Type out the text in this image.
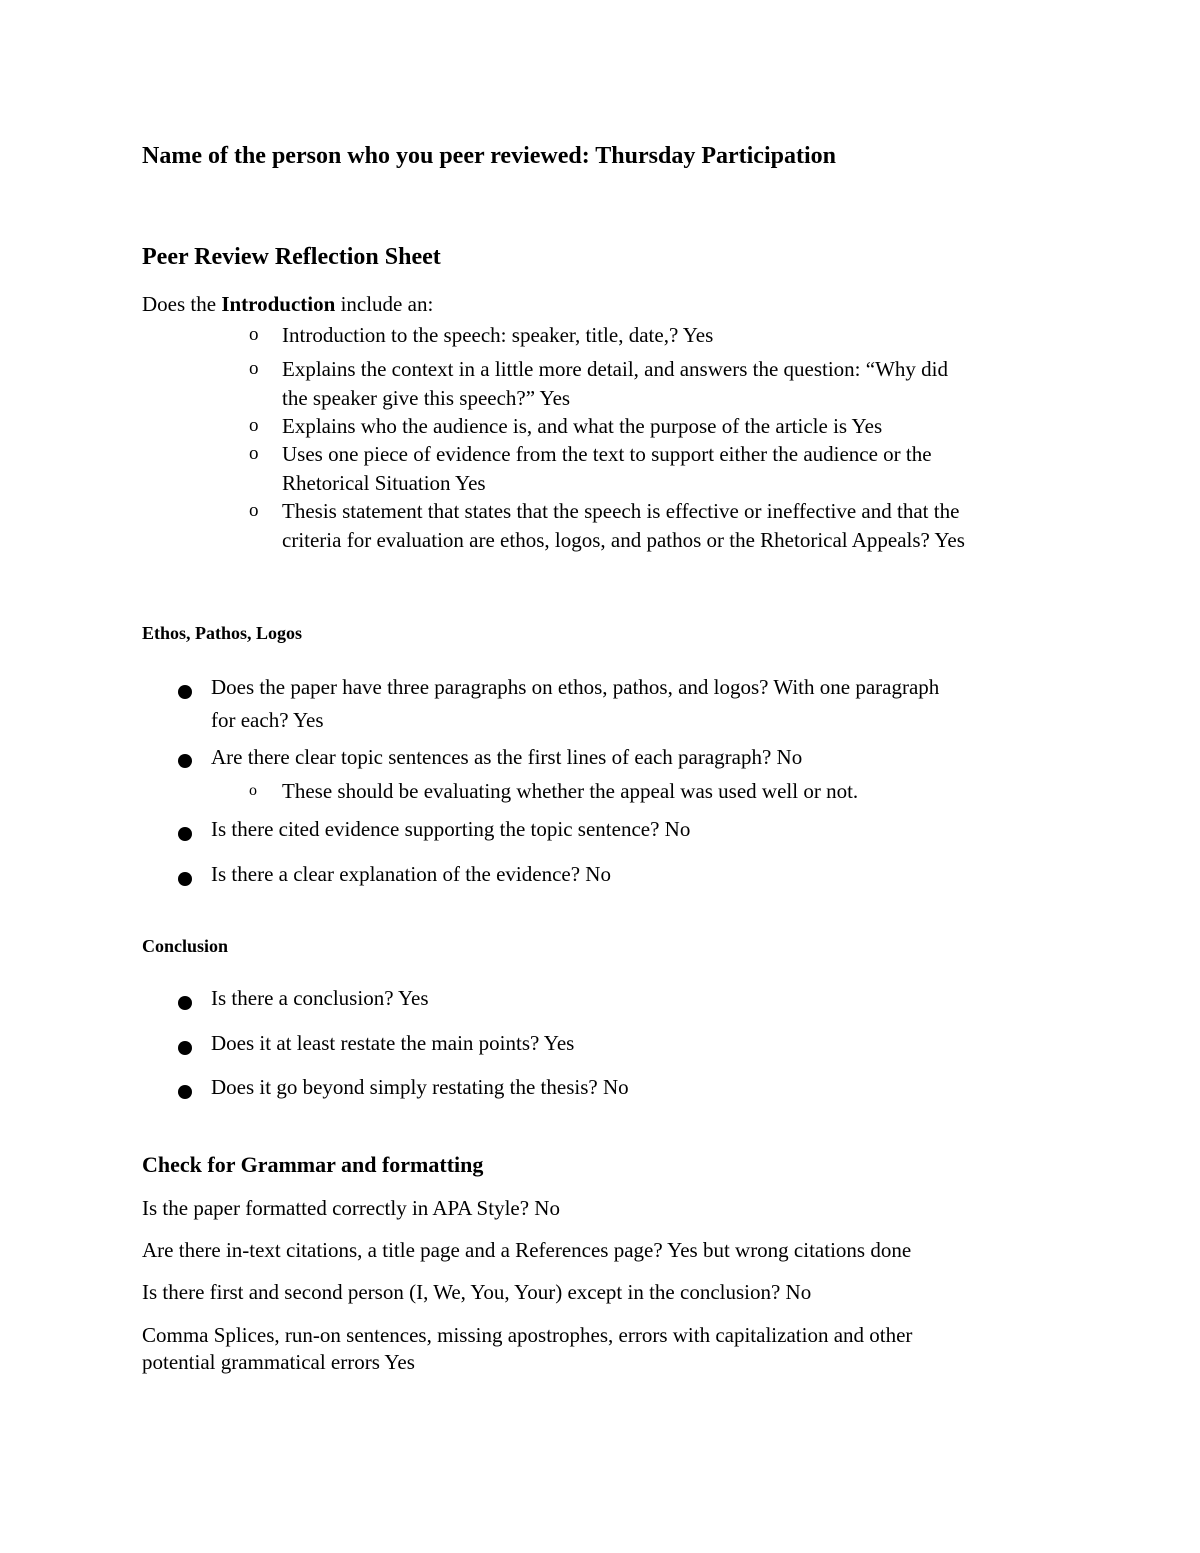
Name of the person who you peer reviewed: Thursday Participation
Peer Review Reflection Sheet
Does the Introduction include an:
o Introduction to the speech: speaker, title, date,? Yes
o Explains the context in a little more detail, and answers the question: “Why did
the speaker give this speech?” Yes
o Explains who the audience is, and what the purpose of the article is Yes
o Uses one piece of evidence from the text to support either the audience or the
Rhetorical Situation Yes
o Thesis statement that states that the speech is effective or ineffective and that the
criteria for evaluation are ethos, logos, and pathos or the Rhetorical Appeals? Yes
Ethos, Pathos, Logos
Does the paper have three paragraphs on ethos, pathos, and logos? With one paragraph
for each? Yes
Are there clear topic sentences as the first lines of each paragraph? No
o These should be evaluating whether the appeal was used well or not.
Is there cited evidence supporting the topic sentence? No
Is there a clear explanation of the evidence? No
Conclusion
Is there a conclusion? Yes
Does it at least restate the main points? Yes
Does it go beyond simply restating the thesis? No
Check for Grammar and formatting
Is the paper formatted correctly in APA Style? No
Are there in-text citations, a title page and a References page? Yes but wrong citations done
Is there first and second person (I, We, You, Your) except in the conclusion? No
Comma Splices, run-on sentences, missing apostrophes, errors with capitalization and other
potential grammatical errors Yes
